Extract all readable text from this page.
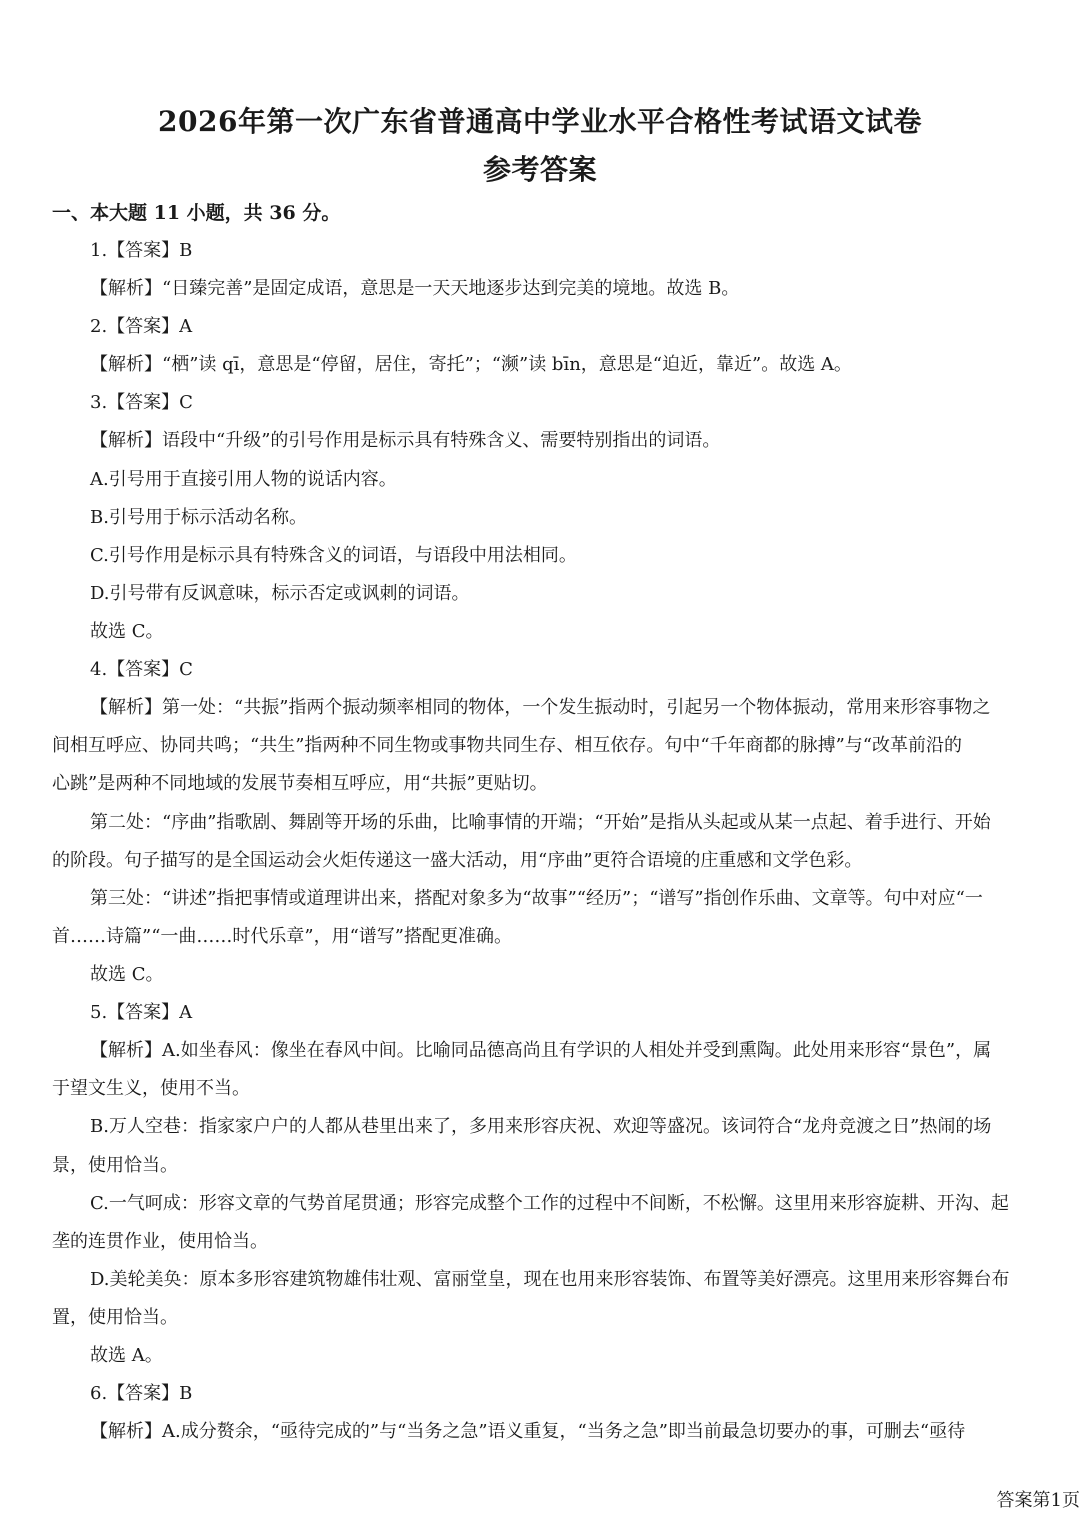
2026年第一次广东省普通高中学业水平合格性考试语文试卷
参考答案
一、本大题 11 小题，共 36 分。
1.【答案】B
【解析】“日臻完善”是固定成语，意思是一天天地逐步达到完美的境地。故选 B。
2.【答案】A
【解析】“栖”读 qī，意思是“停留，居住，寄托”；“濒”读 bīn，意思是“迫近，靠近”。故选 A。
3.【答案】C
【解析】语段中“升级”的引号作用是标示具有特殊含义、需要特别指出的词语。
A.引号用于直接引用人物的说话内容。
B.引号用于标示活动名称。
C.引号作用是标示具有特殊含义的词语，与语段中用法相同。
D.引号带有反讽意味，标示否定或讽刺的词语。
故选 C。
4.【答案】C
【解析】第一处：“共振”指两个振动频率相同的物体，一个发生振动时，引起另一个物体振动，常用来形容事物之
间相互呼应、协同共鸣；“共生”指两种不同生物或事物共同生存、相互依存。句中“千年商都的脉搏”与“改革前沿的
心跳”是两种不同地域的发展节奏相互呼应，用“共振”更贴切。
第二处：“序曲”指歌剧、舞剧等开场的乐曲，比喻事情的开端；“开始”是指从头起或从某一点起、着手进行、开始
的阶段。句子描写的是全国运动会火炬传递这一盛大活动，用“序曲”更符合语境的庄重感和文学色彩。
第三处：“讲述”指把事情或道理讲出来，搭配对象多为“故事”“经历”；“谱写”指创作乐曲、文章等。句中对应“一
首……诗篇”“一曲……时代乐章”，用“谱写”搭配更准确。
故选 C。
5.【答案】A
【解析】A.如坐春风：像坐在春风中间。比喻同品德高尚且有学识的人相处并受到熏陶。此处用来形容“景色”，属
于望文生义，使用不当。
B.万人空巷：指家家户户的人都从巷里出来了，多用来形容庆祝、欢迎等盛况。该词符合“龙舟竞渡之日”热闹的场
景，使用恰当。
C.一气呵成：形容文章的气势首尾贯通；形容完成整个工作的过程中不间断，不松懈。这里用来形容旋耕、开沟、起
垄的连贯作业，使用恰当。
D.美轮美奂：原本多形容建筑物雄伟壮观、富丽堂皇，现在也用来形容装饰、布置等美好漂亮。这里用来形容舞台布
置，使用恰当。
故选 A。
6.【答案】B
【解析】A.成分赘余，“亟待完成的”与“当务之急”语义重复，“当务之急”即当前最急切要办的事，可删去“亟待
答案第1页
